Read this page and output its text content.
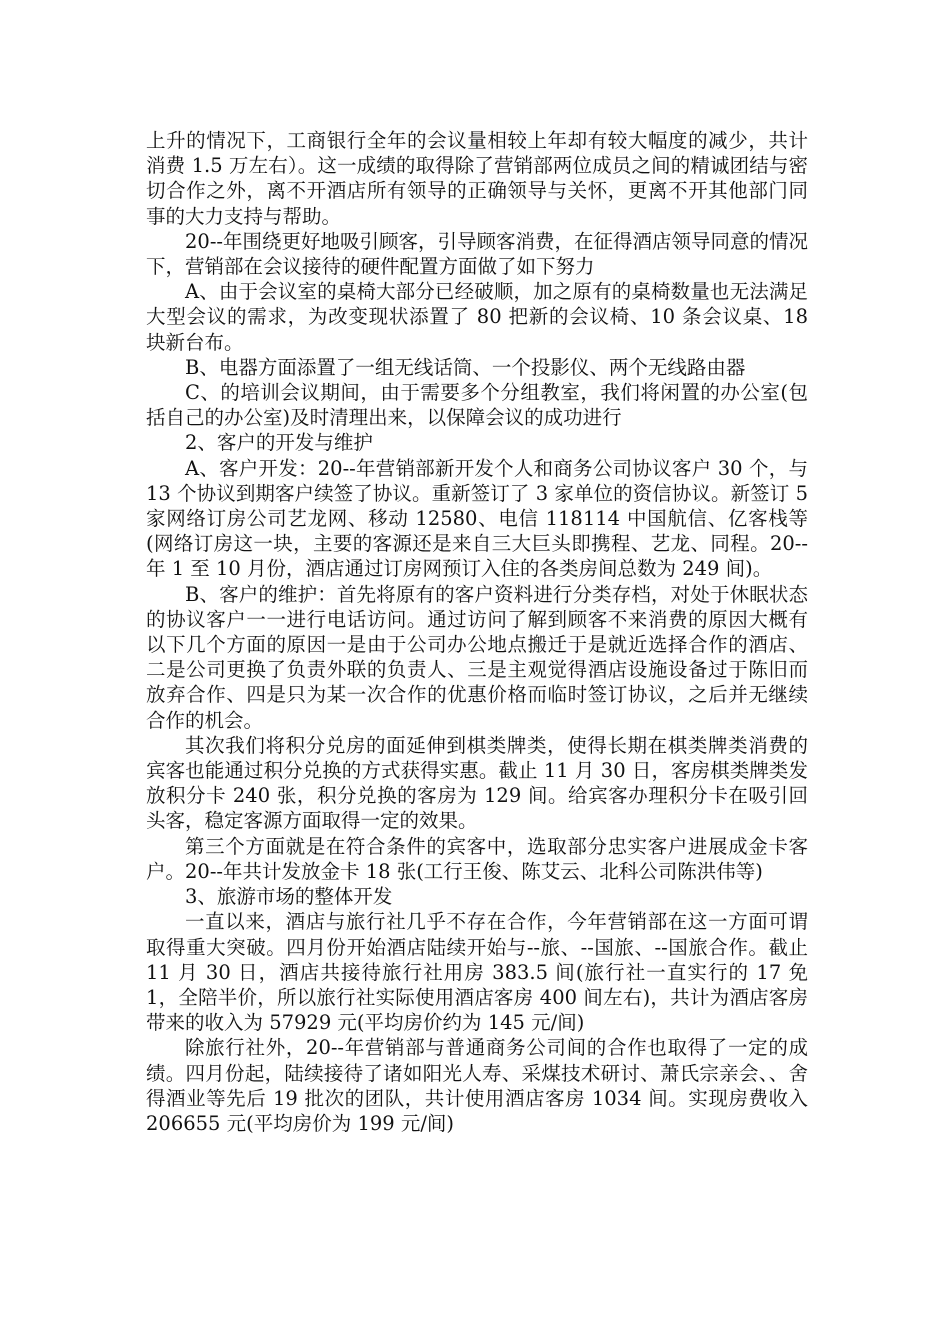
上升的情况下，工商银行全年的会议量相较上年却有较大幅度的减少，共计消费 1.5 万左右）。这一成绩的取得除了营销部两位成员之间的精诚团结与密切合作之外，离不开酒店所有领导的正确领导与关怀，更离不开其他部门同事的大力支持与帮助。

20--年围绕更好地吸引顾客，引导顾客消费，在征得酒店领导同意的情况下，营销部在会议接待的硬件配置方面做了如下努力

A、由于会议室的桌椅大部分已经破顺，加之原有的桌椅数量也无法满足大型会议的需求，为改变现状添置了 80 把新的会议椅、10 条会议桌、18 块新台布。

B、电器方面添置了一组无线话筒、一个投影仪、两个无线路由器

C、的培训会议期间，由于需要多个分组教室，我们将闲置的办公室(包括自己的办公室)及时清理出来，以保障会议的成功进行

2、客户的开发与维护

A、客户开发：20--年营销部新开发个人和商务公司协议客户 30 个，与 13 个协议到期客户续签了协议。重新签订了 3 家单位的资信协议。新签订 5 家网络订房公司艺龙网、移动 12580、电信 118114 中国航信、亿客栈等(网络订房这一块，主要的客源还是来自三大巨头即携程、艺龙、同程。20--年 1 至 10 月份，酒店通过订房网预订入住的各类房间总数为 249 间)。

B、客户的维护：首先将原有的客户资料进行分类存档，对处于休眠状态的协议客户一一进行电话访问。通过访问了解到顾客不来消费的原因大概有以下几个方面的原因一是由于公司办公地点搬迁于是就近选择合作的酒店、二是公司更换了负责外联的负责人、三是主观觉得酒店设施设备过于陈旧而放弃合作、四是只为某一次合作的优惠价格而临时签订协议，之后并无继续合作的机会。

其次我们将积分兑房的面延伸到棋类牌类，使得长期在棋类牌类消费的宾客也能通过积分兑换的方式获得实惠。截止 11 月 30 日，客房棋类牌类发放积分卡 240 张，积分兑换的客房为 129 间。给宾客办理积分卡在吸引回头客，稳定客源方面取得一定的效果。

第三个方面就是在符合条件的宾客中，选取部分忠实客户进展成金卡客户。20--年共计发放金卡 18 张(工行王俊、陈艾云、北科公司陈洪伟等)

3、旅游市场的整体开发

一直以来，酒店与旅行社几乎不存在合作，今年营销部在这一方面可谓取得重大突破。四月份开始酒店陆续开始与--旅、--国旅、--国旅合作。截止 11 月 30 日，酒店共接待旅行社用房 383.5 间(旅行社一直实行的 17 免 1，全陪半价，所以旅行社实际使用酒店客房 400 间左右)，共计为酒店客房带来的收入为 57929 元(平均房价约为 145 元/间)

除旅行社外，20--年营销部与普通商务公司间的合作也取得了一定的成绩。四月份起，陆续接待了诸如阳光人寿、采煤技术研讨、萧氏宗亲会、、舍得酒业等先后 19 批次的团队，共计使用酒店客房 1034 间。实现房费收入 206655 元(平均房价为 199 元/间)
